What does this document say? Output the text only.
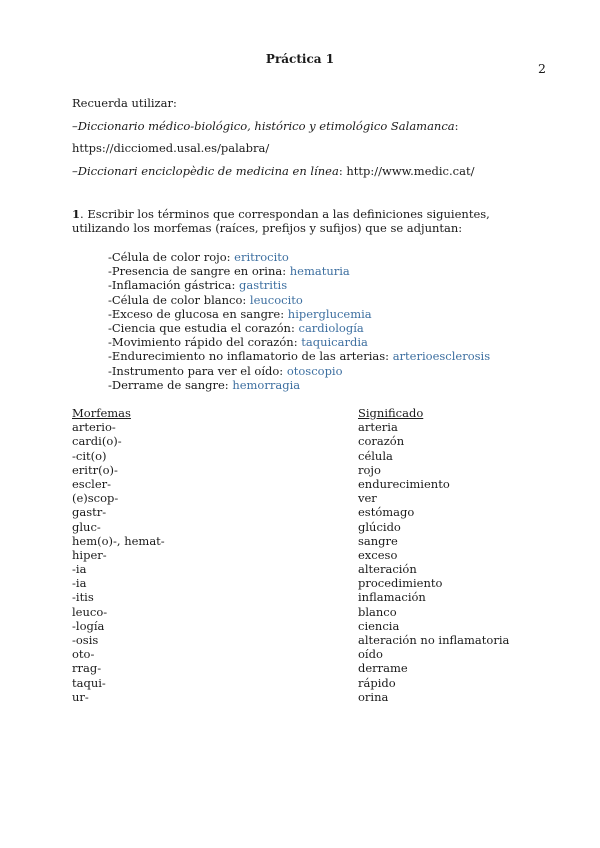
Práctica 1
2

Recuerda utilizar:

–Diccionario médico-biológico, histórico y etimológico Salamanca:

https://dicciomed.usal.es/palabra/

–Diccionari enciclopèdic de medicina en línea: http://www.medic.cat/

1. Escribir los términos que correspondan a las definiciones siguientes, utilizando los morfemas (raíces, prefijos y sufijos) que se adjuntan:

-Célula de color rojo: eritrocito
-Presencia de sangre en orina: hematuria
-Inflamación gástrica: gastritis
-Célula de color blanco: leucocito
-Exceso de glucosa en sangre: hiperglucemia
-Ciencia que estudia el corazón: cardiología
-Movimiento rápido del corazón: taquicardia
-Endurecimiento no inflamatorio de las arterias: arterioesclerosis
-Instrumento para ver el oído: otoscopio
-Derrame de sangre: hemorragia
Morfemas
arterio-
cardi(o)-
-cit(o)
eritr(o)-
escler-
(e)scop-
gastr-
gluc-
hem(o)-, hemat-
hiper-
-ia
-ia
-itis
leuco-
-logía
-osis
oto-
rrag-
taqui-
ur-
Significado
arteria
corazón
célula
rojo
endurecimiento
ver
estómago
glúcido
sangre
exceso
alteración
procedimiento
inflamación
blanco
ciencia
alteración no inflamatoria
oído
derrame
rápido
orina
